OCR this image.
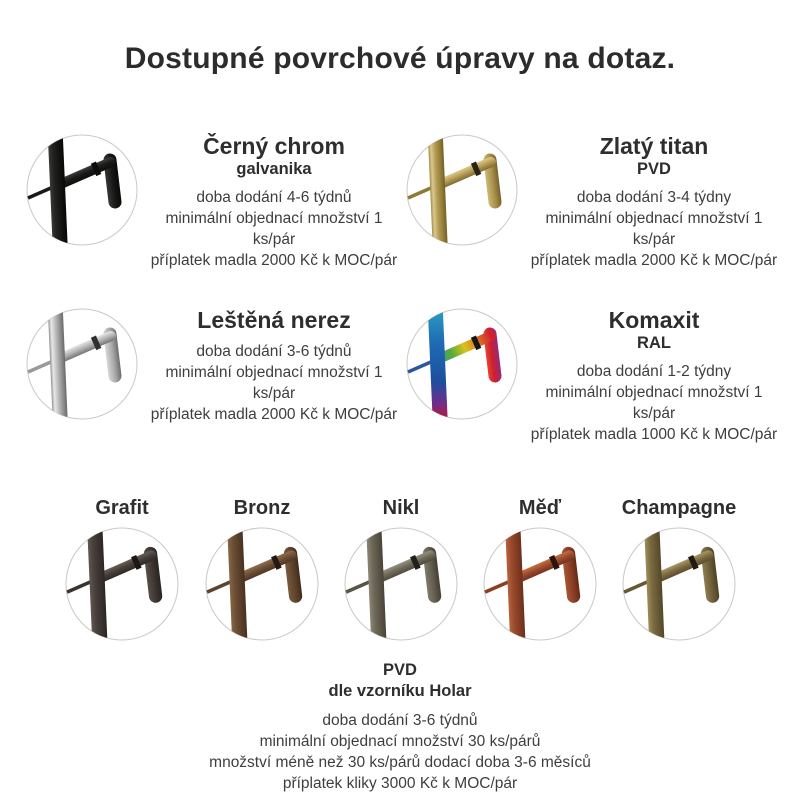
Dostupné povrchové úpravy na dotaz.
Černý chrom
galvanika
doba dodání 4-6 týdnů
minimální objednací množství 1 ks/pár
příplatek madla 2000 Kč k MOC/pár
Zlatý titan
PVD
doba dodání 3-4 týdny
minimální objednací množství 1 ks/pár
příplatek madla 2000 Kč k MOC/pár
Leštěná nerez
doba dodání 3-6 týdnů
minimální objednací množství 1 ks/pár
příplatek madla 2000 Kč k MOC/pár
Komaxit
RAL
doba dodání 1-2 týdny
minimální objednací množství 1 ks/pár
příplatek madla 1000 Kč k MOC/pár
Grafit	Bronz	Nikl	Měď	Champagne
PVD
dle vzorníku Holar
doba dodání 3-6 týdnů
minimální objednací množství 30 ks/párů
množství méně než 30 ks/párů dodací doba 3-6 měsíců
příplatek kliky 3000 Kč k MOC/pár
